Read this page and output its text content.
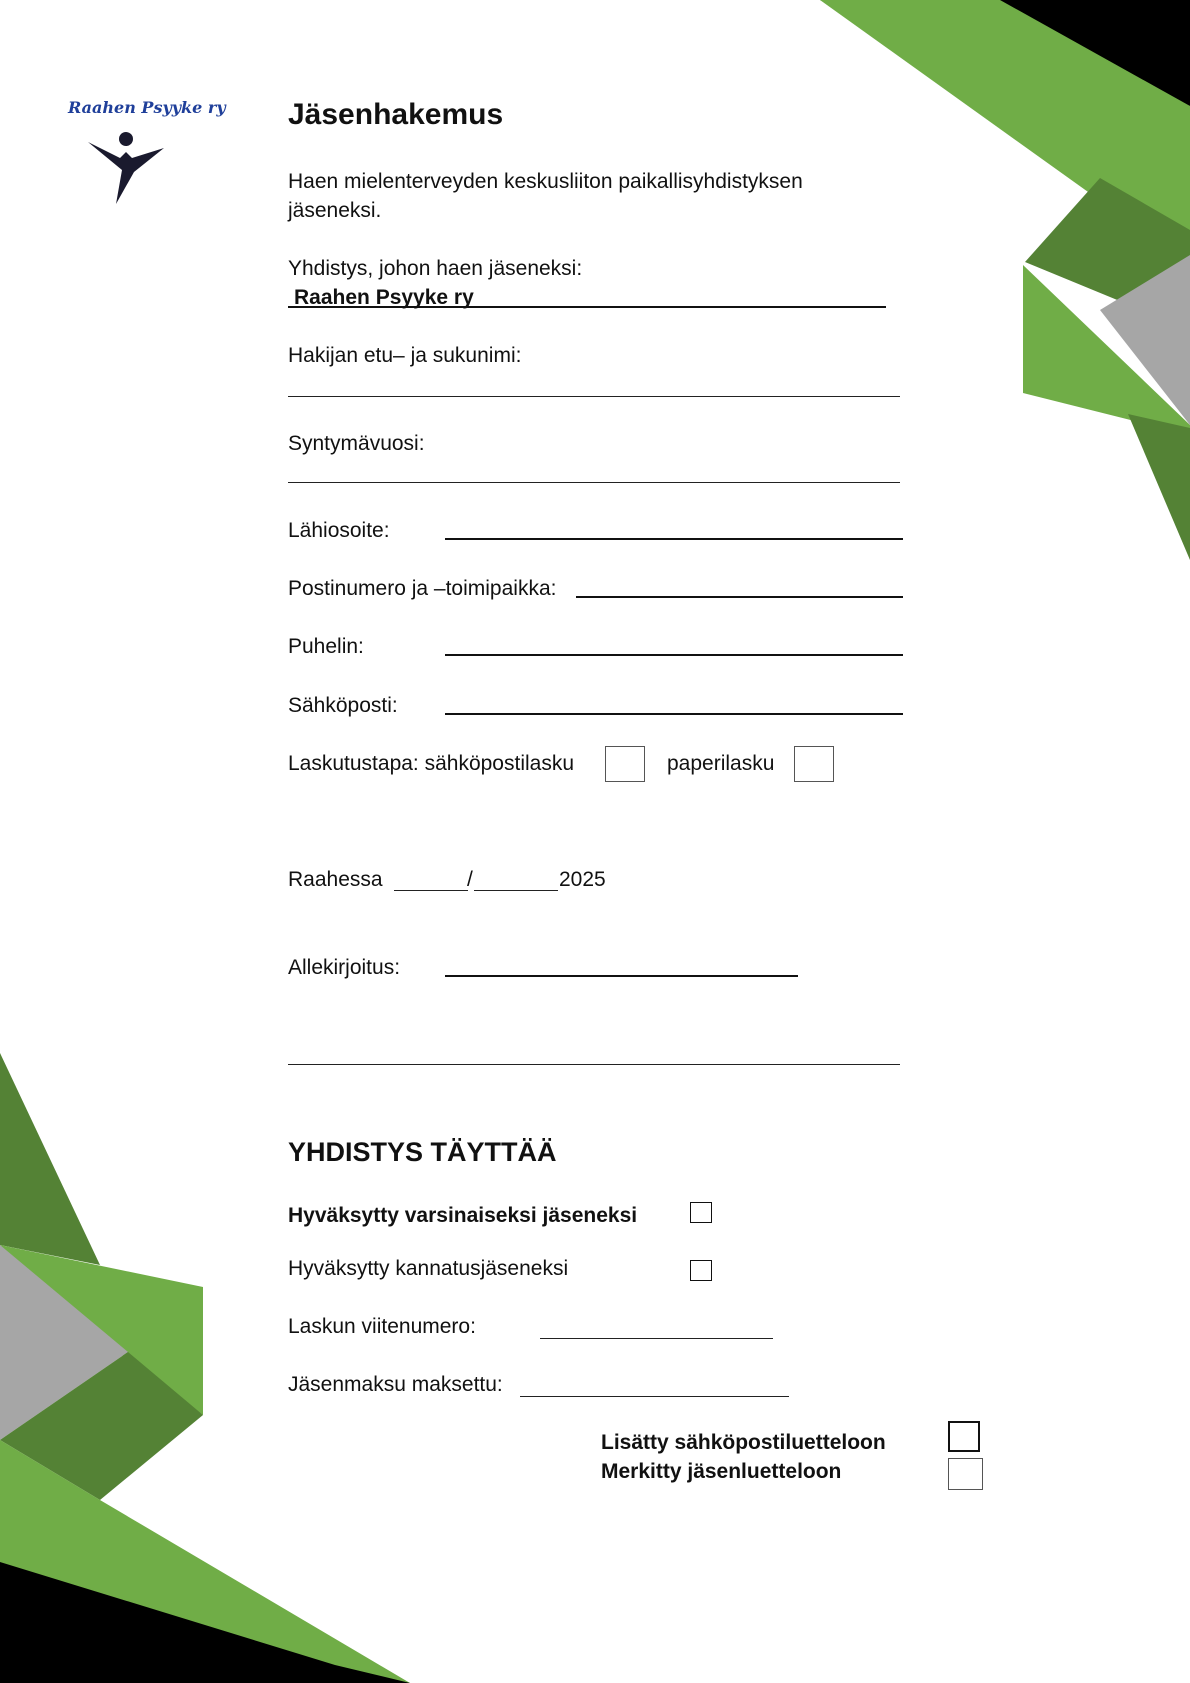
Raahen Psyyke ry Jäsenhakemus
Haen mielenterveyden keskusliiton paikallisyhdistyksen
jäseneksi.
Yhdistys, johon haen jäseneksi:
Raahen Psyyke ry
Hakijan etu– ja sukunimi:
Syntymävuosi:
Lähiosoite:
Postinumero ja –toimipaikka:
Puhelin:
Sähköposti:
Laskutustapa: sähköpostilasku	paperilasku
Raahessa	/	2025
Allekirjoitus:
YHDISTYS TÄYTTÄÄ
Hyväksytty varsinaiseksi jäseneksi
Hyväksytty kannatusjäseneksi
Laskun viitenumero:
Jäsenmaksu maksettu:
Lisätty sähköpostiluetteloon
Merkitty jäsenluetteloon
